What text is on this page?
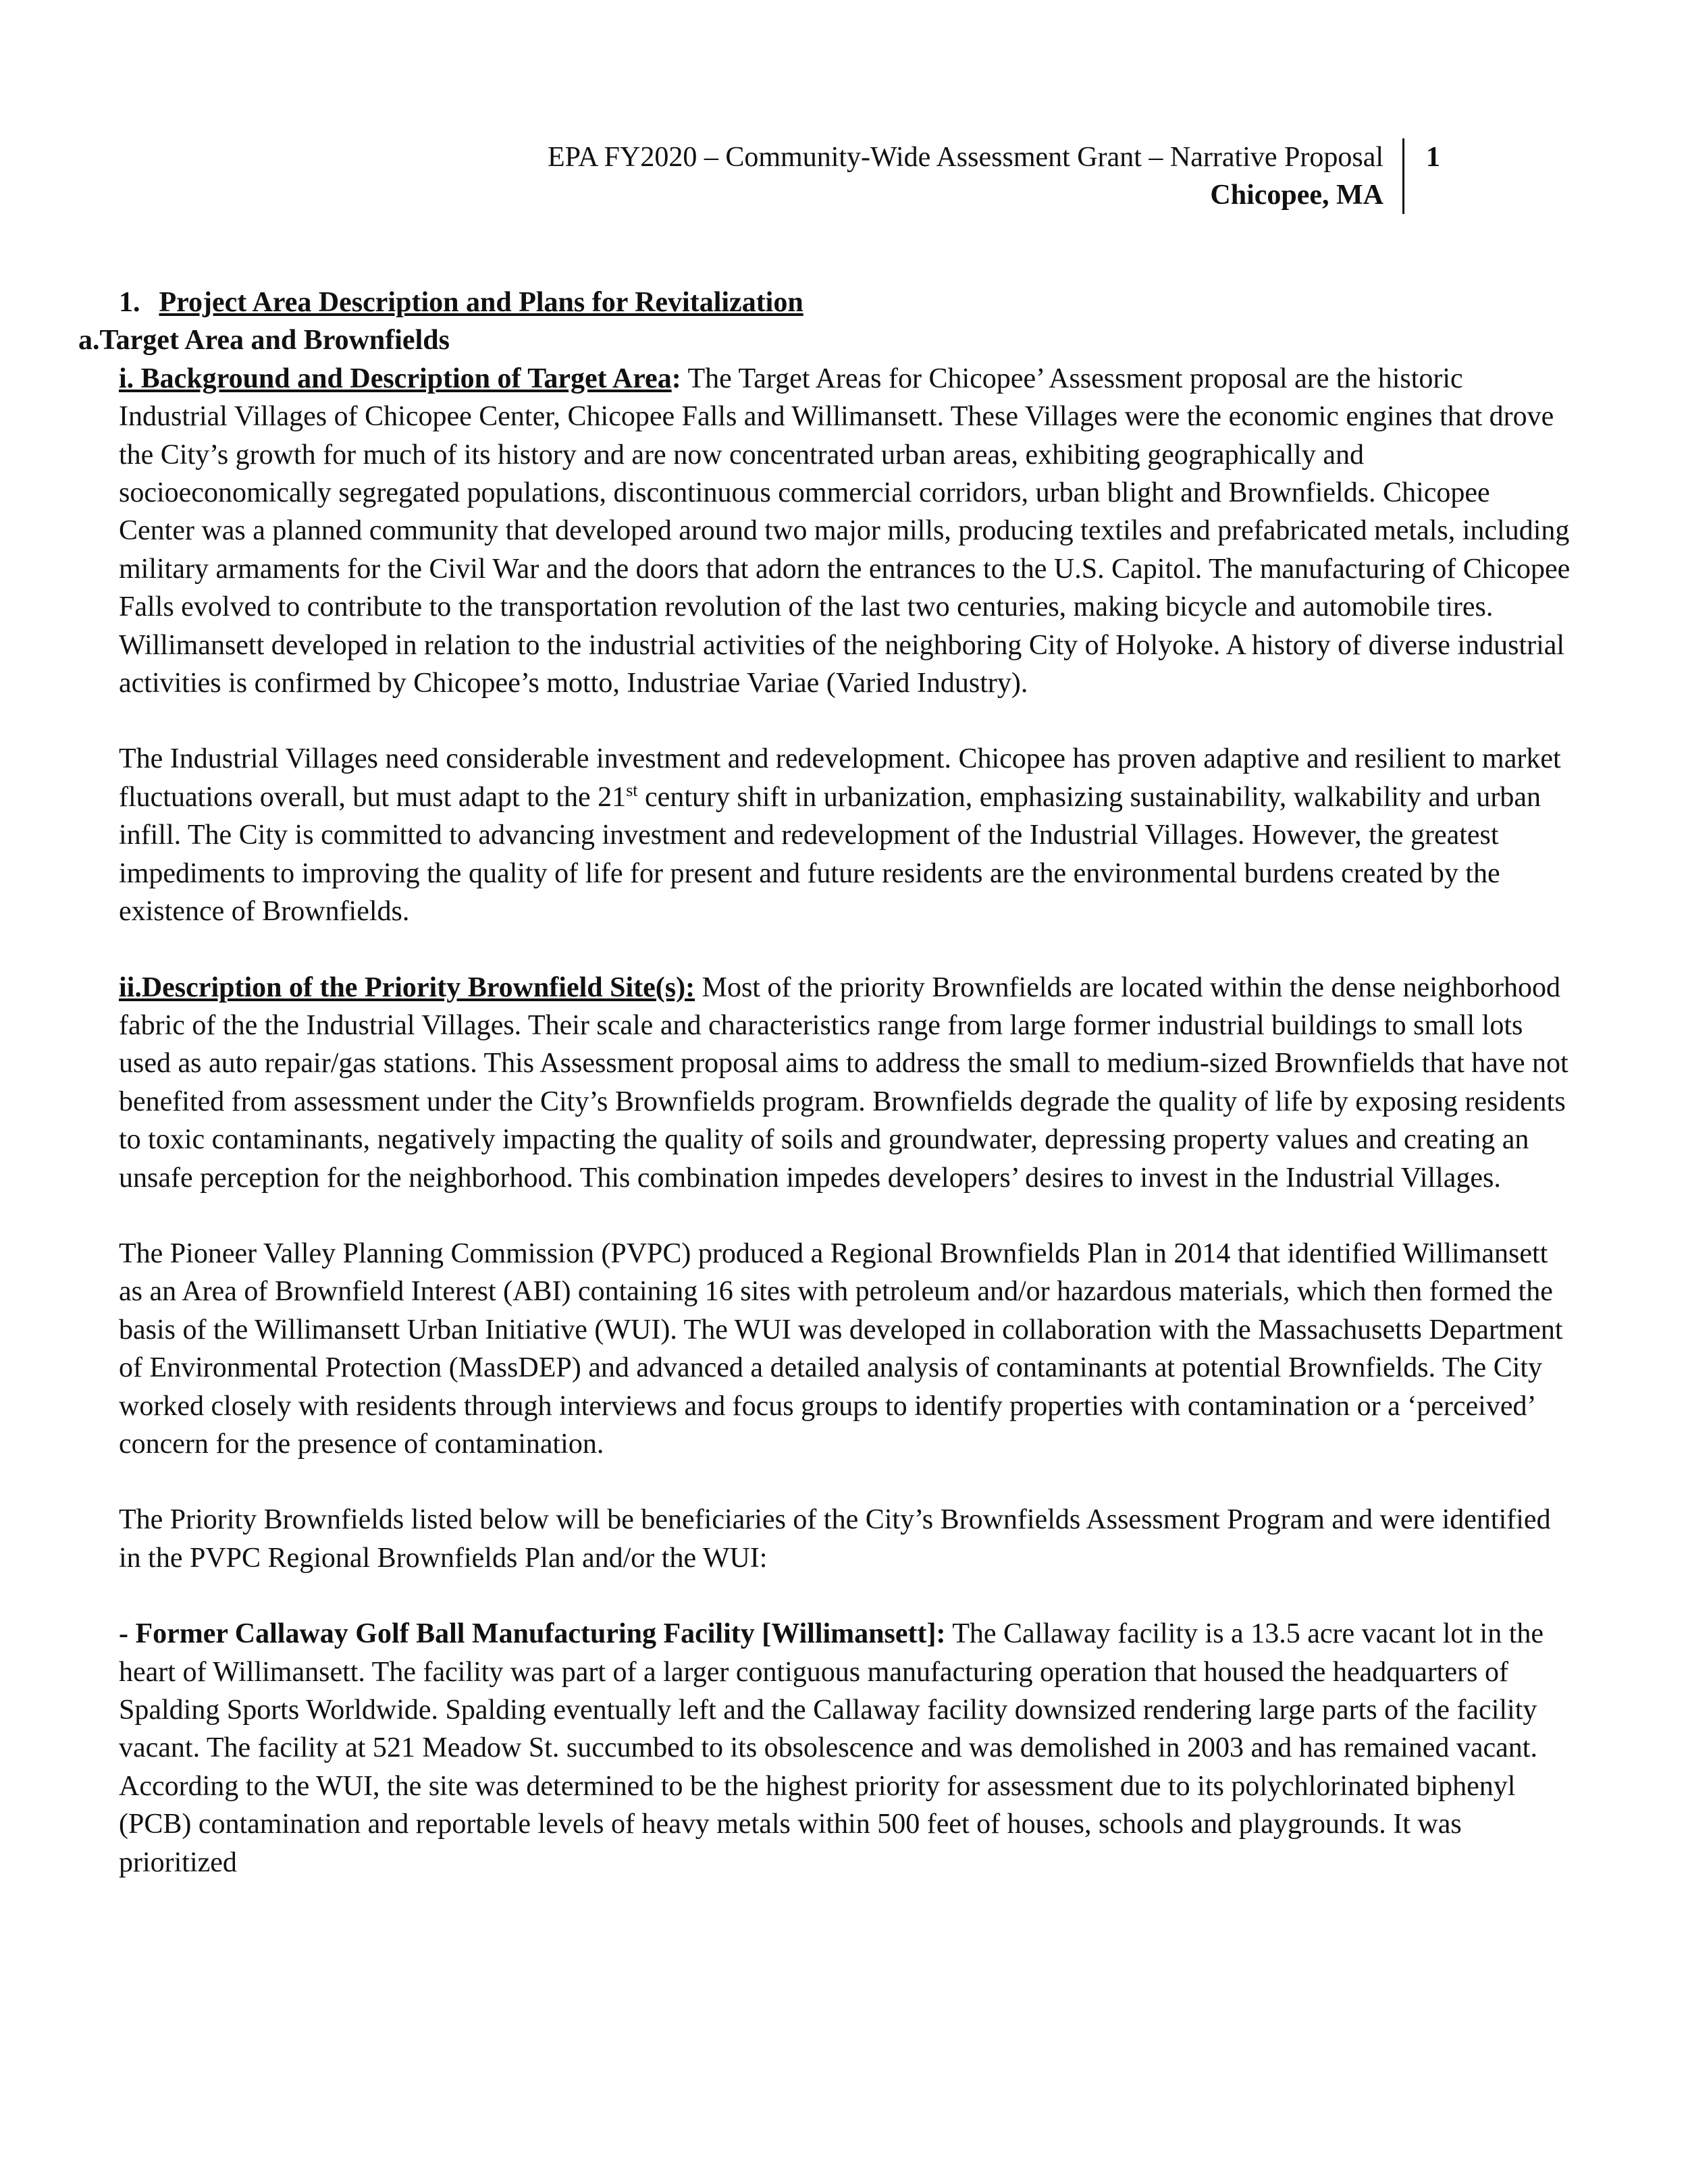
EPA FY2020 – Community-Wide Assessment Grant – Narrative Proposal
Chicopee, MA
1

1. Project Area Description and Plans for Revitalization

a.Target Area and Brownfields

i. Background and Description of Target Area: The Target Areas for Chicopee’ Assessment proposal are the historic Industrial Villages of Chicopee Center, Chicopee Falls and Willimansett. These Villages were the economic engines that drove the City’s growth for much of its history and are now concentrated urban areas, exhibiting geographically and socioeconomically segregated populations, discontinuous commercial corridors, urban blight and Brownfields. Chicopee Center was a planned community that developed around two major mills, producing textiles and prefabricated metals, including military armaments for the Civil War and the doors that adorn the entrances to the U.S. Capitol. The manufacturing of Chicopee Falls evolved to contribute to the transportation revolution of the last two centuries, making bicycle and automobile tires. Willimansett developed in relation to the industrial activities of the neighboring City of Holyoke. A history of diverse industrial activities is confirmed by Chicopee’s motto, Industriae Variae (Varied Industry).

The Industrial Villages need considerable investment and redevelopment. Chicopee has proven adaptive and resilient to market fluctuations overall, but must adapt to the 21st century shift in urbanization, emphasizing sustainability, walkability and urban infill. The City is committed to advancing investment and redevelopment of the Industrial Villages. However, the greatest impediments to improving the quality of life for present and future residents are the environmental burdens created by the existence of Brownfields.

ii.Description of the Priority Brownfield Site(s): Most of the priority Brownfields are located within the dense neighborhood fabric of the the Industrial Villages. Their scale and characteristics range from large former industrial buildings to small lots used as auto repair/gas stations. This Assessment proposal aims to address the small to medium-sized Brownfields that have not benefited from assessment under the City’s Brownfields program. Brownfields degrade the quality of life by exposing residents to toxic contaminants, negatively impacting the quality of soils and groundwater, depressing property values and creating an unsafe perception for the neighborhood. This combination impedes developers’ desires to invest in the Industrial Villages.

The Pioneer Valley Planning Commission (PVPC) produced a Regional Brownfields Plan in 2014 that identified Willimansett as an Area of Brownfield Interest (ABI) containing 16 sites with petroleum and/or hazardous materials, which then formed the basis of the Willimansett Urban Initiative (WUI). The WUI was developed in collaboration with the Massachusetts Department of Environmental Protection (MassDEP) and advanced a detailed analysis of contaminants at potential Brownfields. The City worked closely with residents through interviews and focus groups to identify properties with contamination or a ‘perceived’ concern for the presence of contamination.

The Priority Brownfields listed below will be beneficiaries of the City’s Brownfields Assessment Program and were identified in the PVPC Regional Brownfields Plan and/or the WUI:

- Former Callaway Golf Ball Manufacturing Facility [Willimansett]: The Callaway facility is a 13.5 acre vacant lot in the heart of Willimansett. The facility was part of a larger contiguous manufacturing operation that housed the headquarters of Spalding Sports Worldwide. Spalding eventually left and the Callaway facility downsized rendering large parts of the facility vacant. The facility at 521 Meadow St. succumbed to its obsolescence and was demolished in 2003 and has remained vacant. According to the WUI, the site was determined to be the highest priority for assessment due to its polychlorinated biphenyl (PCB) contamination and reportable levels of heavy metals within 500 feet of houses, schools and playgrounds. It was prioritized
